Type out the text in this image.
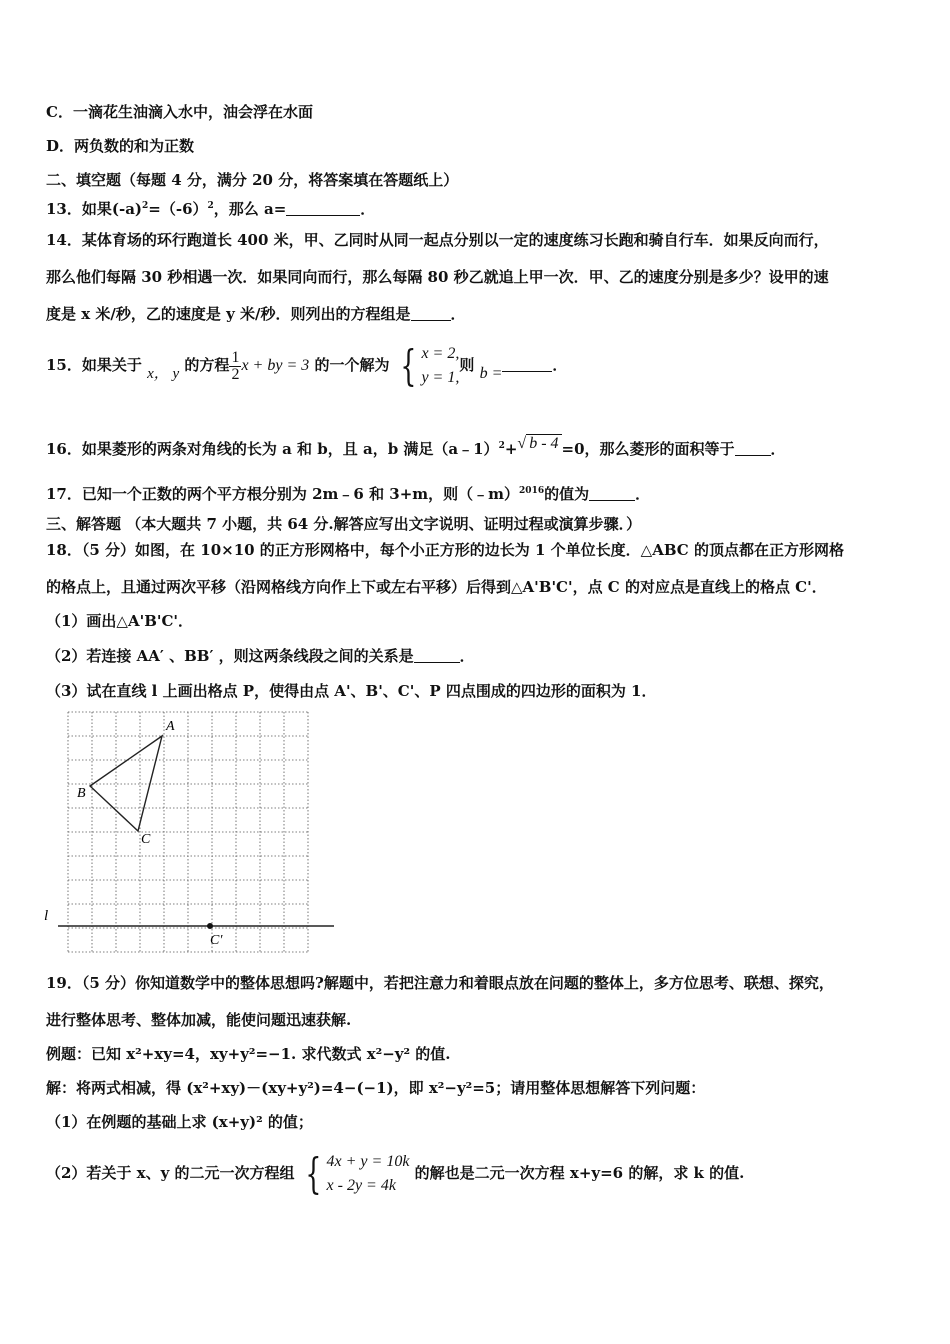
C．一滴花生油滴入水中，油会浮在水面
D．两负数的和为正数
二、填空题（每题 4 分，满分 20 分，将答案填在答题纸上）
13．如果$(-a)^2=(-6)^2$，那么 a=	．
14．某体育场的环行跑道长 400 米，甲、乙同时从同一起点分别以一定的速度练习长跑和骑自行车．如果反向而行，
那么他们每隔 30 秒相遇一次．如果同向而行，那么每隔 80 秒乙就追上甲一次．甲、乙的速度分别是多少？设甲的速
度是 x 米/秒，乙的速度是 y 米/秒．则列出的方程组是	．
15．如果关于 x， y 的方程 $\frac{1}{2}$ x + by = 3 的一个解为 { x = 2,
y = 1,
则 b =	．
16．如果菱形的两条对角线的长为 a 和 b，且 a，b 满足（a﹣1）$^2$+√ b - 4 =0，那么菱形的面积等于 ．
17．已知一个正数的两个平方根分别为 2m﹣6 和 3+m，则（﹣m）$^{2016}$的值为	．
三、解答题 （本大题共 7 小题，共 64 分.解答应写出文字说明、证明过程或演算步骤．）
18．（5 分）如图，在 10×10 的正方形网格中，每个小正方形的边长为 1 个单位长度．△ABC 的顶点都在正方形网格
的格点上，且通过两次平移（沿网格线方向作上下或左右平移）后得到△A'B'C'，点 C 的对应点是直线上的格点 C'．
（1）画出△A'B'C'．
（2）若连接 AA′ 、BB′ ，则这两条线段之间的关系是	．
（3）试在直线 l 上画出格点 P，使得由点 A'、B'、C'、P 四点围成的四边形的面积为 1．
A
B
C
C′
l
19．（5 分）你知道数学中的整体思想吗?解题中，若把注意力和着眼点放在问题的整体上，多方位思考、联想、探究，
进行整体思考、整体加减，能使问题迅速获解.
例题：已知 x²+xy=4，xy+y²=−1. 求代数式 x²−y² 的值.
解：将两式相减，得 (x²+xy)－(xy+y²)=4−(−1)，即 x²−y²=5；请用整体思想解答下列问题：
（1）在例题的基础上求 (x+y)² 的值；
（2）若关于 x、y 的二元一次方程组 { 4x + y = 10k
x - 2y = 4k
的解也是二元一次方程 x+y=6 的解，求 k 的值.
